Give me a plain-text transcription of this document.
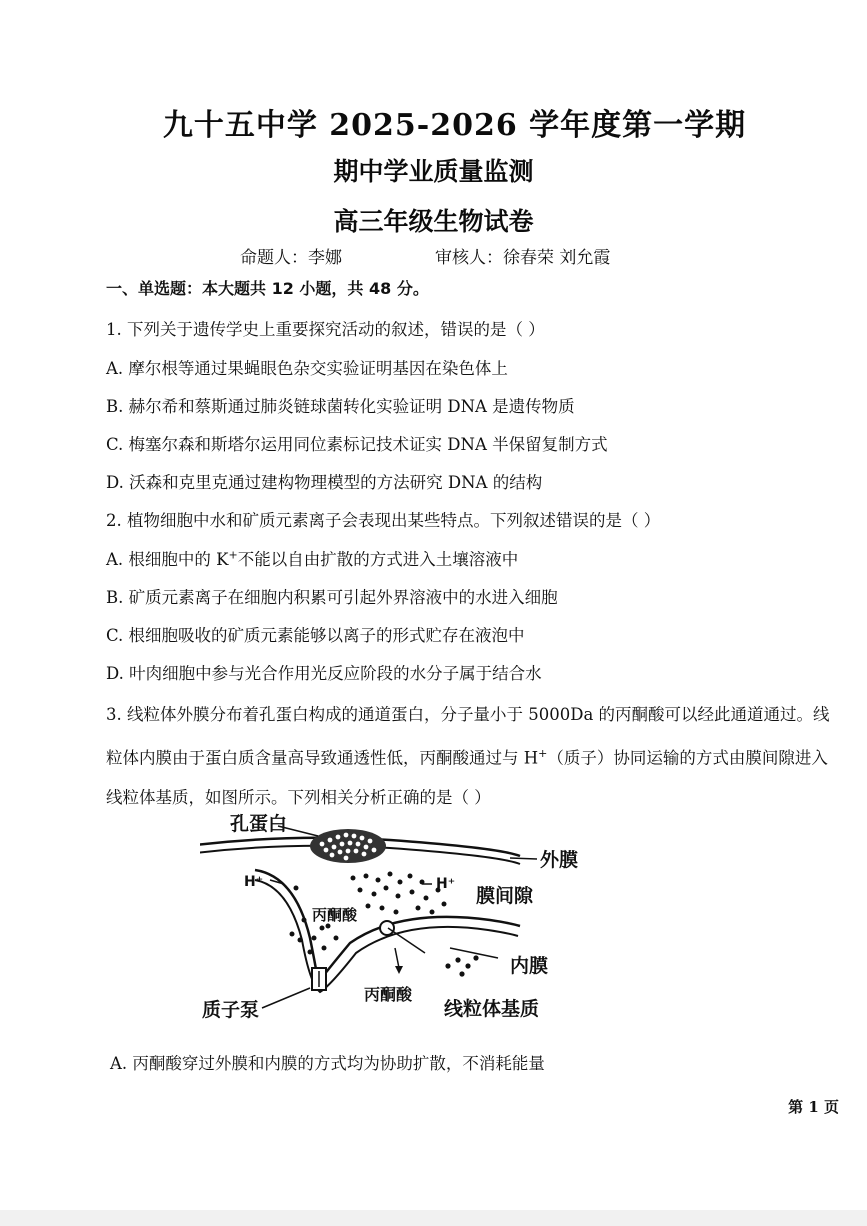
九十五中学 2025-2026 学年度第一学期
期中学业质量监测
高三年级生物试卷
命题人：李娜	审核人：徐春荣 刘允霞
一、单选题：本大题共 12 小题，共 48 分。
1. 下列关于遗传学史上重要探究活动的叙述，错误的是（ ）
A. 摩尔根等通过果蝇眼色杂交实验证明基因在染色体上
B. 赫尔希和蔡斯通过肺炎链球菌转化实验证明 DNA 是遗传物质
C. 梅塞尔森和斯塔尔运用同位素标记技术证实 DNA 半保留复制方式
D. 沃森和克里克通过建构物理模型的方法研究 DNA 的结构
2. 植物细胞中水和矿质元素离子会表现出某些特点。下列叙述错误的是（ ）
A. 根细胞中的 K+不能以自由扩散的方式进入土壤溶液中
B. 矿质元素离子在细胞内积累可引起外界溶液中的水进入细胞
C. 根细胞吸收的矿质元素能够以离子的形式贮存在液泡中
D. 叶肉细胞中参与光合作用光反应阶段的水分子属于结合水
3. 线粒体外膜分布着孔蛋白构成的通道蛋白，分子量小于 5000Da 的丙酮酸可以经此通道通过。线粒体内膜由于蛋白质含量高导致通透性低，丙酮酸通过与 H+（质子）协同运输的方式由膜间隙进入线粒体基质，如图所示。下列相关分析正确的是（ ）
孔蛋白
外膜
H⁺	H⁺
膜间隙
丙酮酸
内膜
质子泵
丙酮酸
线粒体基质
A. 丙酮酸穿过外膜和内膜的方式均为协助扩散，不消耗能量
第 1 页
